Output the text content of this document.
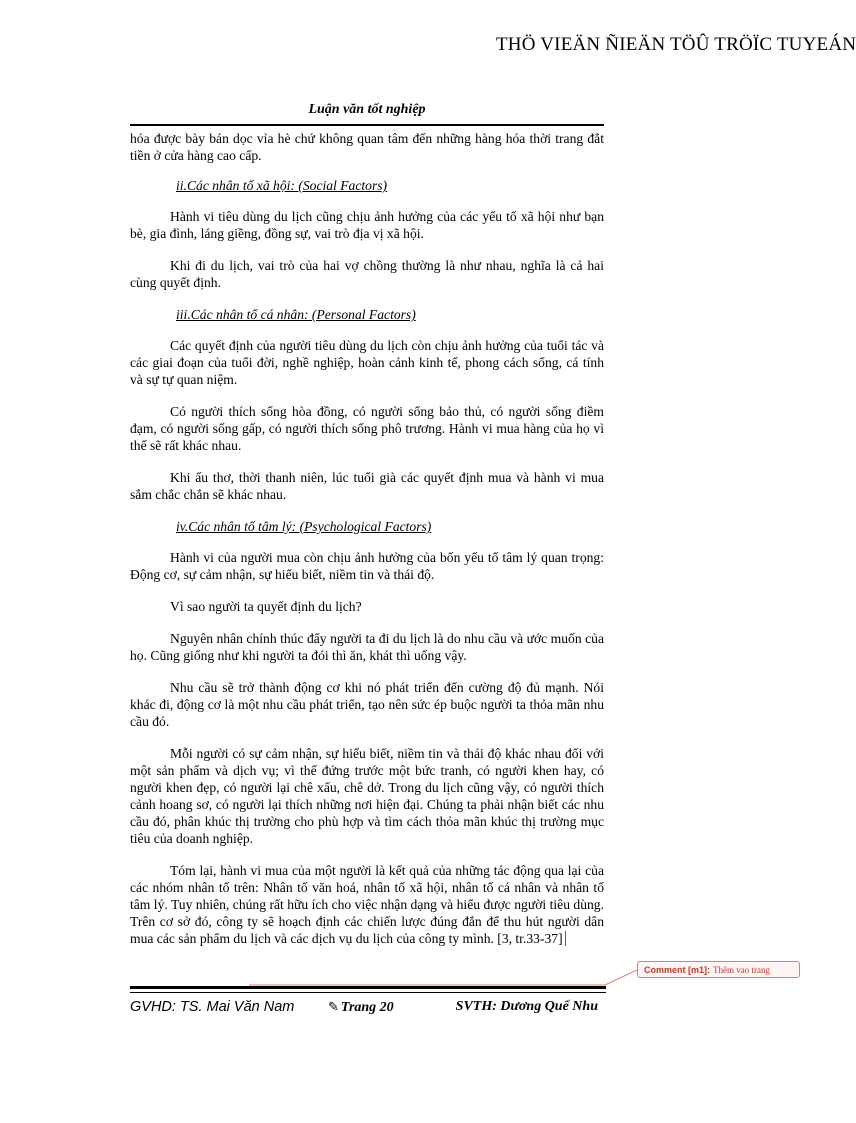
THÖ VIEÄN ÑIEÄN TÖÛ TRÖÏC TUYEÁN
Luận văn tốt nghiệp

hóa được bày bán dọc vỉa hè chứ không quan tâm đến những hàng hóa thời trang đắt tiền ở cửa hàng cao cấp.

ii.Các nhân tố xã hội: (Social Factors)

Hành vi tiêu dùng du lịch cũng chịu ảnh hưởng của các yếu tố xã hội như bạn bè, gia đình, láng giềng, đồng sự, vai trò địa vị xã hội.

Khi đi du lịch, vai trò của hai vợ chồng thường là như nhau, nghĩa là cả hai cùng quyết định.

iii.Các nhân tố cá nhân: (Personal Factors)

Các quyết định của người tiêu dùng du lịch còn chịu ảnh hưởng của tuổi tác và các giai đoạn của tuổi đời, nghề nghiệp, hoàn cảnh kinh tế, phong cách sống, cá tính và sự tự quan niệm.

Có người thích sống hòa đồng, có người sống bảo thủ, có người sống điềm đạm, có người sống gấp, có người thích sống phô trương. Hành vi mua hàng của họ vì thế sẽ rất khác nhau.

Khi ấu thơ, thời thanh niên, lúc tuổi già các quyết định mua và hành vi mua sắm chắc chắn sẽ khác nhau.

iv.Các nhân tố tâm lý: (Psychological Factors)

Hành vi của người mua còn chịu ảnh hưởng của bốn yếu tố tâm lý quan trọng: Động cơ, sự cảm nhận, sự hiểu biết, niềm tin và thái độ.

Vì sao người ta quyết định du lịch?

Nguyên nhân chính thúc đẩy người ta đi du lịch là do nhu cầu và ước muốn của họ. Cũng giống như khi người ta đói thì ăn, khát thì uống vậy.

Nhu cầu sẽ trở thành động cơ khi nó phát triển đến cường độ đủ mạnh. Nói khác đi, động cơ là một nhu cầu phát triển, tạo nên sức ép buộc người ta thỏa mãn nhu cầu đó.

Mỗi người có sự cảm nhận, sự hiểu biết, niềm tin và thái độ khác nhau đối với một sản phẩm và dịch vụ; vì thế đứng trước một bức tranh, có người khen hay, có người khen đẹp, có người lại chê xấu, chê dở. Trong du lịch cũng vậy, có người thích cảnh hoang sơ, có người lại thích những nơi hiện đại. Chúng ta phải nhận biết các nhu cầu đó, phân khúc thị trường cho phù hợp và tìm cách thỏa mãn khúc thị trường mục tiêu của doanh nghiệp.

Tóm lại, hành vi mua của một người là kết quả của những tác động qua lại của các nhóm nhân tố trên: Nhân tố văn hoá, nhân tố xã hội, nhân tố cá nhân và nhân tố tâm lý. Tuy nhiên, chúng rất hữu ích cho việc nhận dạng và hiểu được người tiêu dùng. Trên cơ sở đó, công ty sẽ hoạch định các chiến lược đúng đắn để thu hút người dân mua các sản phẩm du lịch và các dịch vụ du lịch của công ty mình. [3, tr.33-37]

Comment [m1]: Thêm vao trang
GVHD: TS. Mai Văn Nam	✎ Trang 20	SVTH: Dương Quế Nhu
